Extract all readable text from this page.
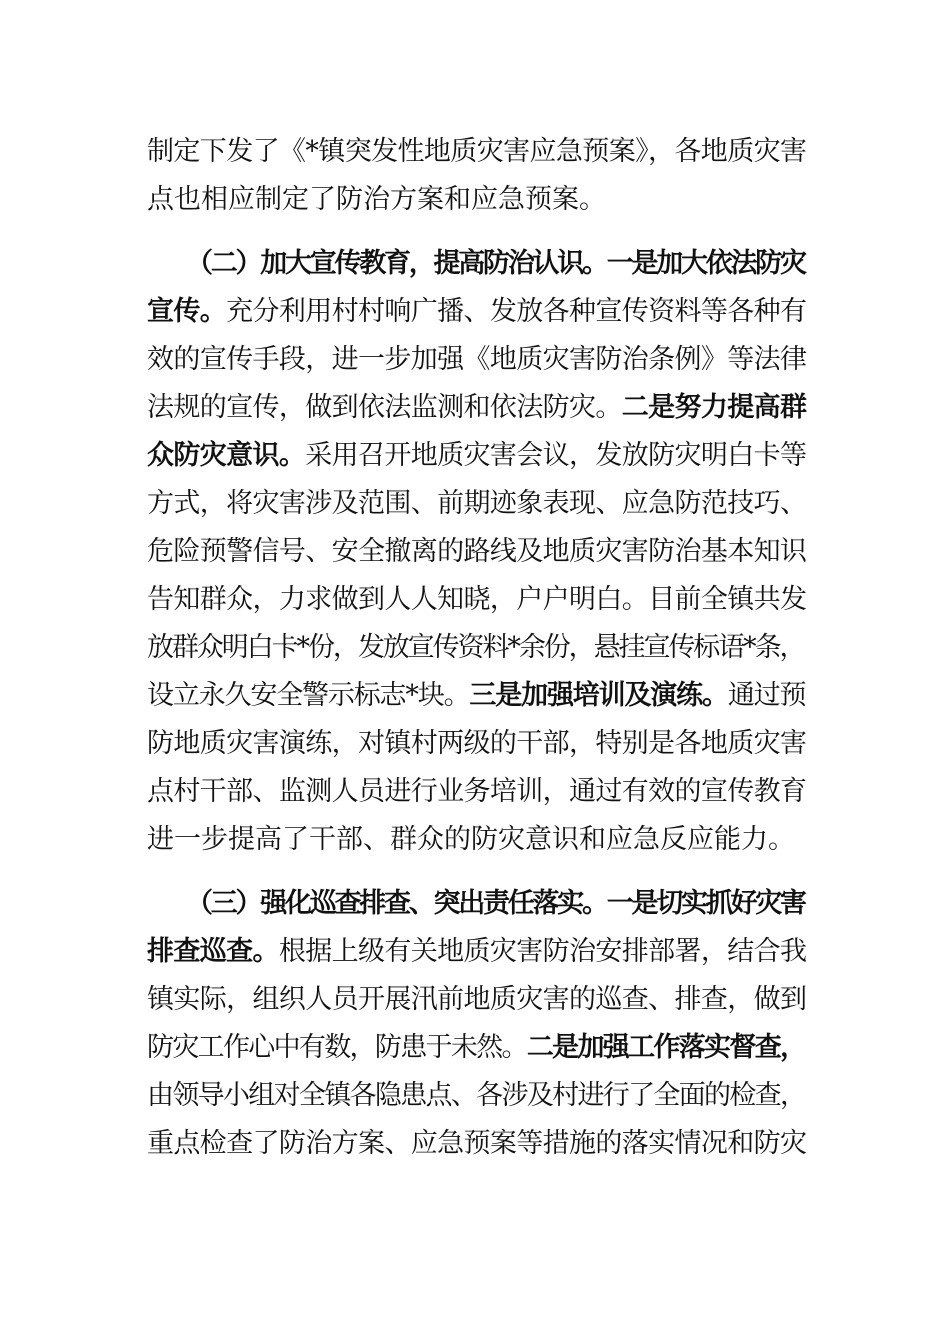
制定下发了《*镇突发性地质灾害应急预案》，各地质灾害
点也相应制定了防治方案和应急预案。
（二）加大宣传教育，提高防治认识。一是加大依法防灾
宣传。充分利用村村响广播、发放各种宣传资料等各种有
效的宣传手段，进一步加强《地质灾害防治条例》等法律
法规的宣传，做到依法监测和依法防灾。二是努力提高群
众防灾意识。采用召开地质灾害会议，发放防灾明白卡等
方式，将灾害涉及范围、前期迹象表现、应急防范技巧、
危险预警信号、安全撤离的路线及地质灾害防治基本知识
告知群众，力求做到人人知晓，户户明白。目前全镇共发
放群众明白卡*份，发放宣传资料*余份，悬挂宣传标语*条，
设立永久安全警示标志*块。三是加强培训及演练。通过预
防地质灾害演练，对镇村两级的干部，特别是各地质灾害
点村干部、监测人员进行业务培训，通过有效的宣传教育
进一步提高了干部、群众的防灾意识和应急反应能力。
（三）强化巡查排查、突出责任落实。一是切实抓好灾害
排查巡查。根据上级有关地质灾害防治安排部署，结合我
镇实际，组织人员开展汛前地质灾害的巡查、排查，做到
防灾工作心中有数，防患于未然。二是加强工作落实督查，
由领导小组对全镇各隐患点、各涉及村进行了全面的检查，
重点检查了防治方案、应急预案等措施的落实情况和防灾
